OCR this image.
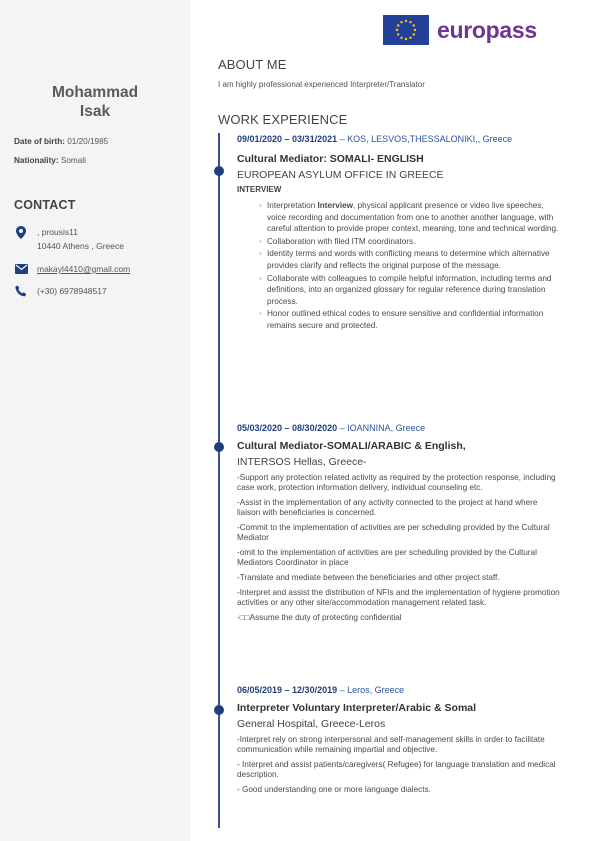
Mohammad
Isak
Date of birth: 01/20/1985
Nationality: Somali
CONTACT
, prousis11
10440 Athens , Greece
makayl4410@gmail.com
(+30) 6978948517
europass
ABOUT ME
I am highly professional experienced Interpreter/Translator
WORK EXPERIENCE
09/01/2020 – 03/31/2021 – KOS, LESVOS,THESSALONIKI,, Greece
Cultural Mediator: SOMALI- ENGLISH
EUROPEAN ASYLUM OFFICE IN GREECE
INTERVIEW
◦ Interpretation Interview, physical applicant presence or video live speeches, voice recording and documentation from one to another another language, with careful attention to provide proper context, meaning, tone and technical wording.
◦ Collaboration with filed ITM coordinators.
◦ Identity terms and words with conflicting means to determine which alternative provides clarify and reflects the original purpose of the message.
◦ Collaborate with colleagues to compile helpful information, including terms and definitions, into an organized glossary for regular reference during translation process.
◦ Honor outlined ethical codes to ensure sensitive and confidential information remains secure and protected.
05/03/2020 – 08/30/2020 – IOANNINA, Greece
Cultural Mediator-SOMALI/ARABIC & English,
INTERSOS Hellas, Greece-
-Support any protection related activity as required by the protection response, including case work, protection information delivery, individual counseling etc.
-Assist in the implementation of any activity connected to the project at hand where liaison with beneficiaries is concerned.
-Commit to the implementation of activities are per scheduling provided by the Cultural Mediator
-omit to the implementation of activities are per scheduling provided by the Cultural Mediators Coordinator in place
-Translate and mediate between the beneficiaries and other project staff.
-Interpret and assist the distribution of NFIs and the implementation of hygiene promotion activities or any other site/accommodation management related task.
-□□Assume the duty of protecting confidential
06/05/2019 – 12/30/2019 – Leros, Greece
Interpreter Voluntary Interpreter/Arabic & Somal
General Hospital, Greece-Leros
-Interpret rely on strong interpersonal and self-management skills in order to facilitate communication while remaining impartial and objective.
- Interpret and assist patients/caregivers( Refugee) for language translation and medical description.
- Good understanding one or more language dialects.
